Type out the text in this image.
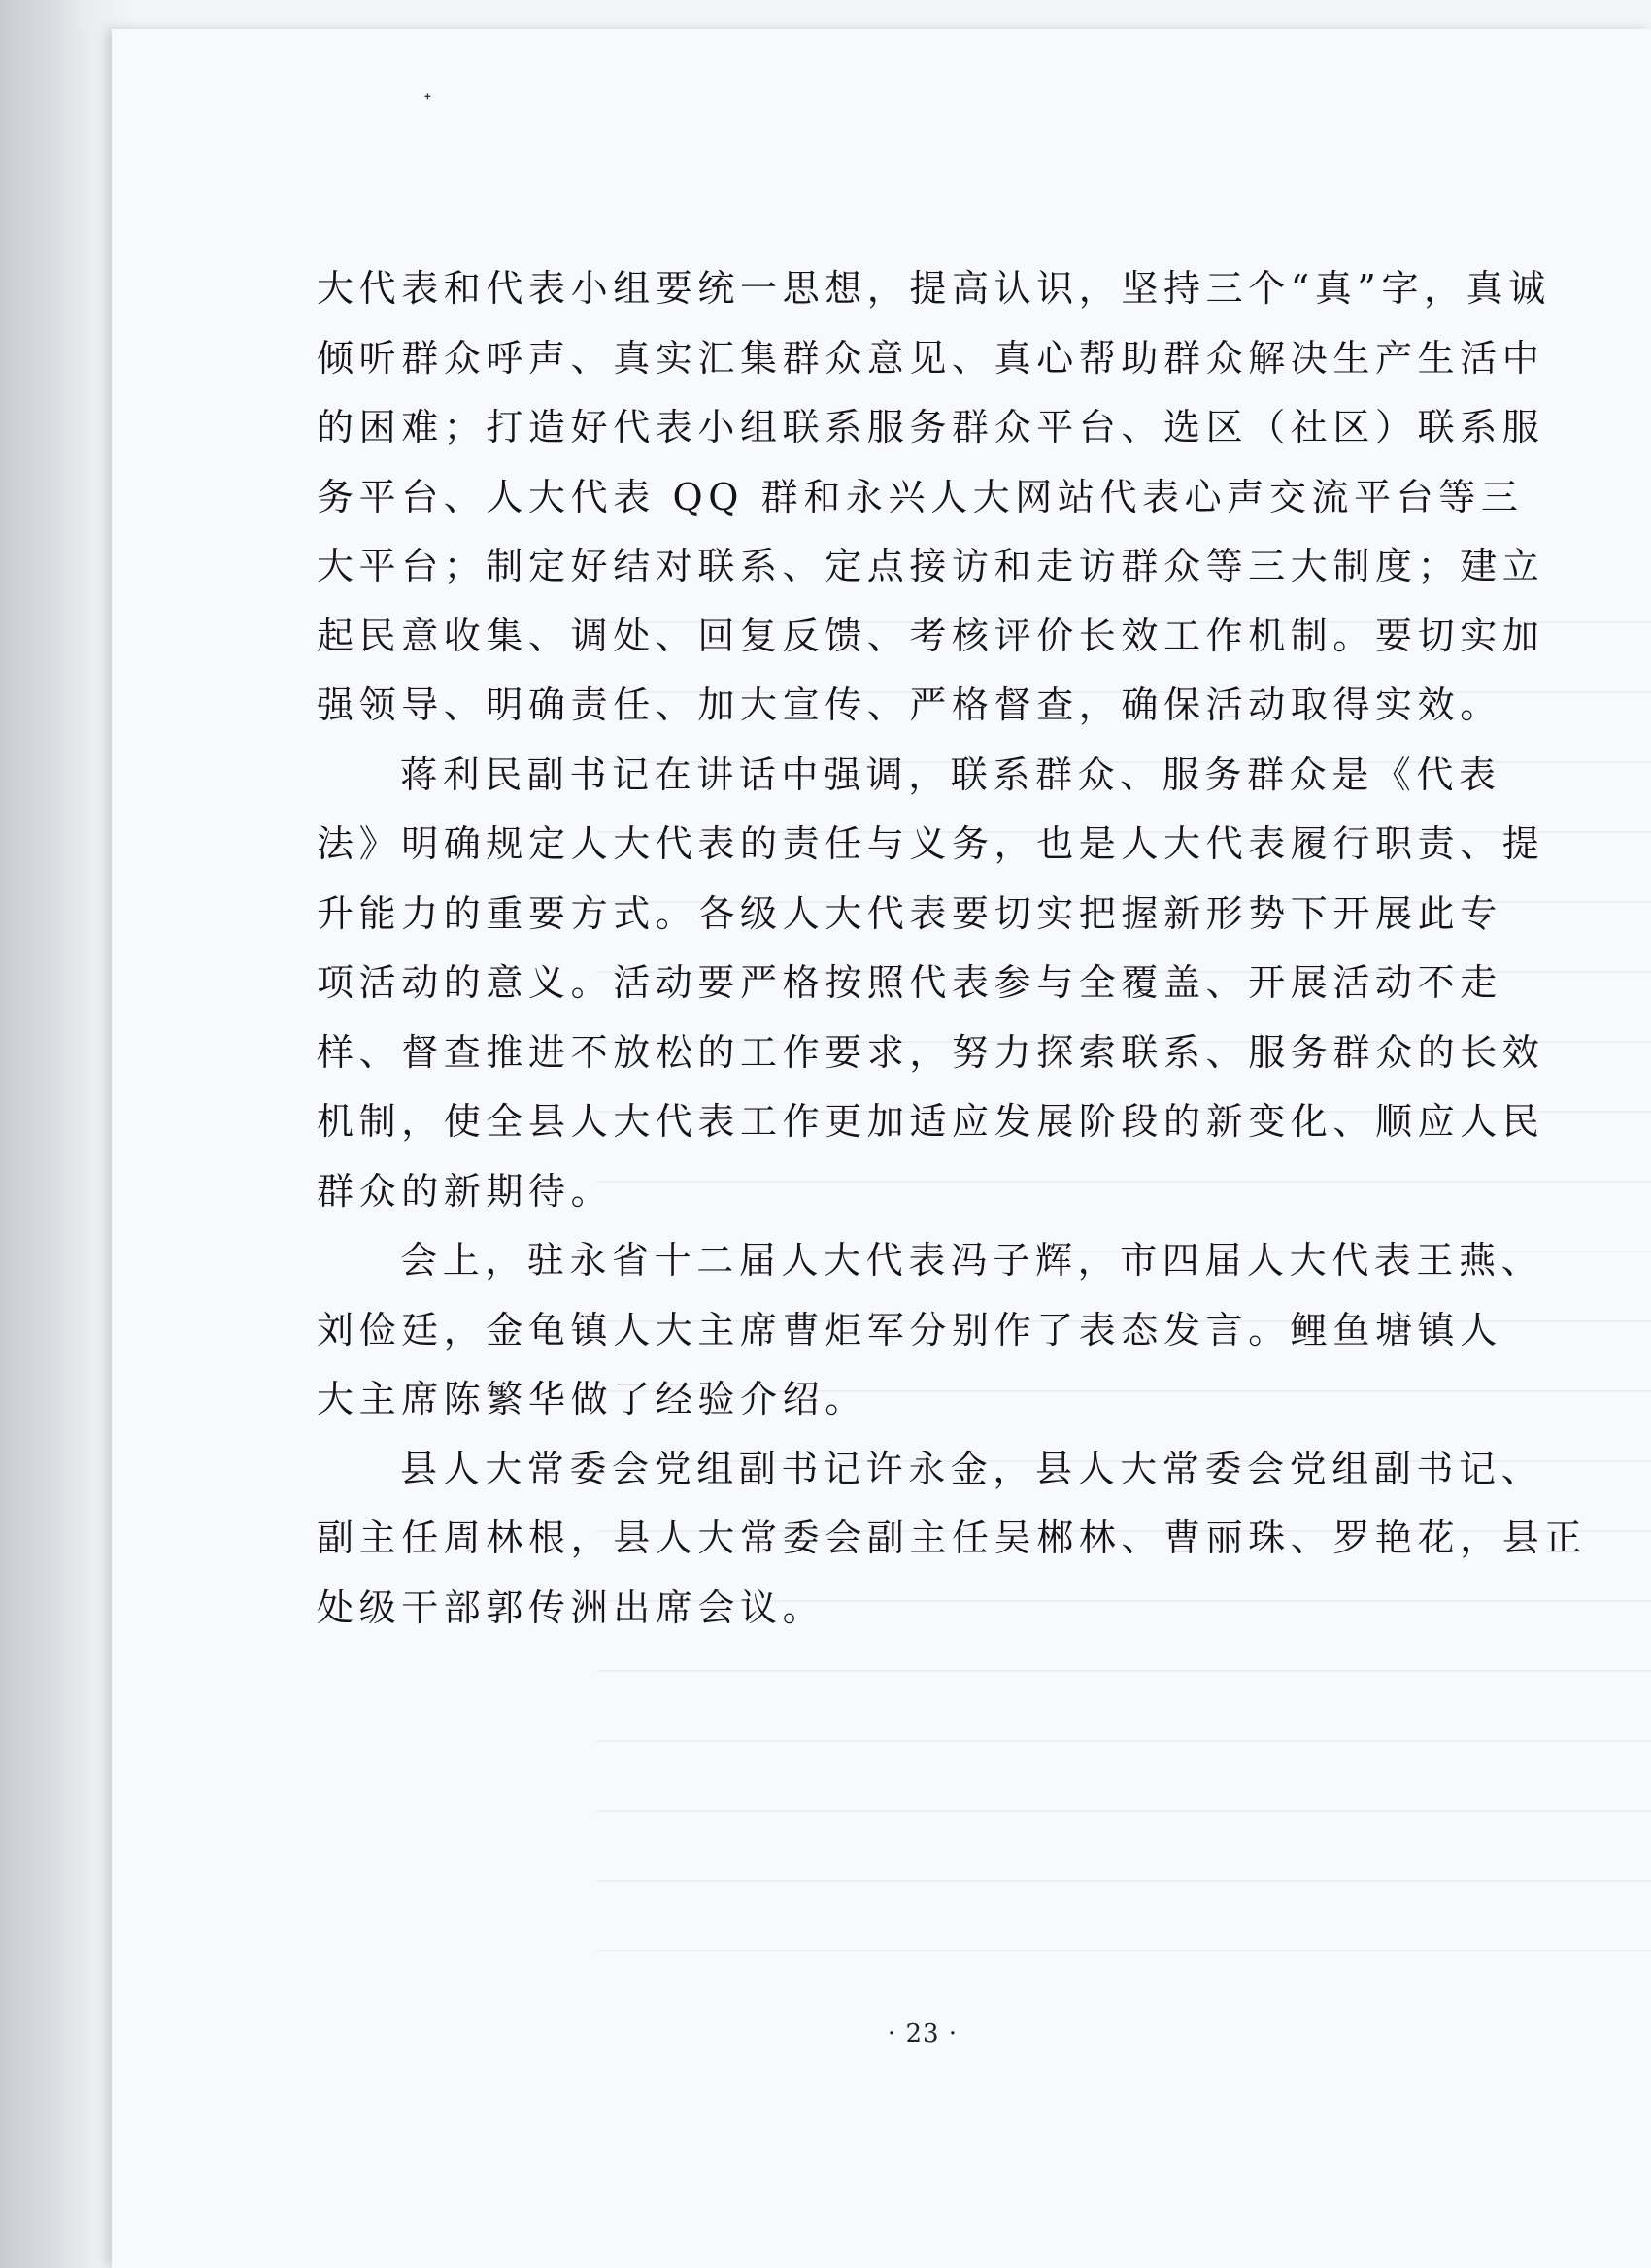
ᐩ

大代表和代表小组要统一思想，提高认识，坚持三个“真”字，真诚
倾听群众呼声、真实汇集群众意见、真心帮助群众解决生产生活中
的困难；打造好代表小组联系服务群众平台、选区（社区）联系服
务平台、人大代表 QQ 群和永兴人大网站代表心声交流平台等三
大平台；制定好结对联系、定点接访和走访群众等三大制度；建立
起民意收集、调处、回复反馈、考核评价长效工作机制。要切实加
强领导、明确责任、加大宣传、严格督查，确保活动取得实效。

蒋利民副书记在讲话中强调，联系群众、服务群众是《代表
法》明确规定人大代表的责任与义务，也是人大代表履行职责、提
升能力的重要方式。各级人大代表要切实把握新形势下开展此专
项活动的意义。活动要严格按照代表参与全覆盖、开展活动不走
样、督查推进不放松的工作要求，努力探索联系、服务群众的长效
机制，使全县人大代表工作更加适应发展阶段的新变化、顺应人民
群众的新期待。

会上，驻永省十二届人大代表冯子辉，市四届人大代表王燕、
刘俭廷，金龟镇人大主席曹炬军分别作了表态发言。鲤鱼塘镇人
大主席陈繁华做了经验介绍。

县人大常委会党组副书记许永金，县人大常委会党组副书记、
副主任周林根，县人大常委会副主任吴郴林、曹丽珠、罗艳花，县正
处级干部郭传洲出席会议。

· 23 ·
